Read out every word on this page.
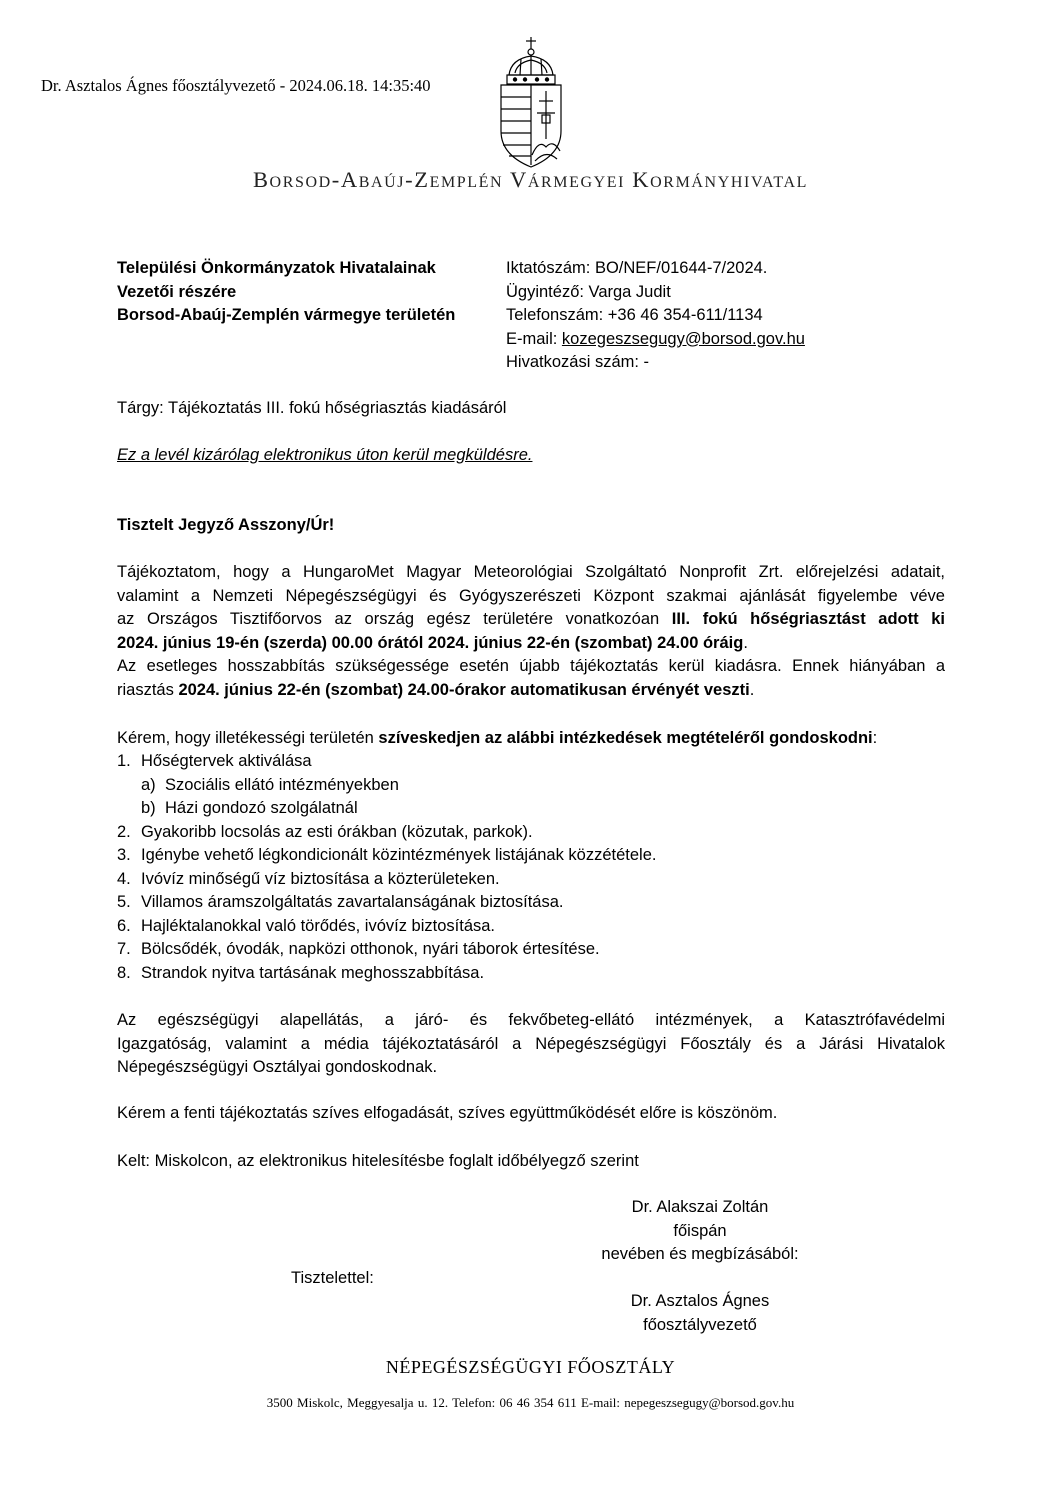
Dr. Asztalos Ágnes főosztályvezető - 2024.06.18. 14:35:40
Borsod-Abaúj-Zemplén Vármegyei Kormányhivatal
Települési Önkormányzatok Hivatalainak
Vezetői részére
Borsod-Abaúj-Zemplén vármegye területén
Iktatószám: BO/NEF/01644-7/2024.
Ügyintéző: Varga Judit
Telefonszám: +36 46 354-611/1134
E-mail: kozegeszsegugy@borsod.gov.hu
Hivatkozási szám: -
Tárgy: Tájékoztatás III. fokú hőségriasztás kiadásáról
Ez a levél kizárólag elektronikus úton kerül megküldésre.
Tisztelt Jegyző Asszony/Úr!
Tájékoztatom, hogy a HungaroMet Magyar Meteorológiai Szolgáltató Nonprofit Zrt. előrejelzési adatait,
valamint a Nemzeti Népegészségügyi és Gyógyszerészeti Központ szakmai ajánlását figyelembe véve
az Országos Tisztifőorvos az ország egész területére vonatkozóan III. fokú hőségriasztást adott ki
2024. június 19-én (szerda) 00.00 órától 2024. június 22-én (szombat) 24.00 óráig.
Az esetleges hosszabbítás szükségessége esetén újabb tájékoztatás kerül kiadásra. Ennek hiányában a
riasztás 2024. június 22-én (szombat) 24.00-órakor automatikusan érvényét veszti.
Kérem, hogy illetékességi területén szíveskedjen az alábbi intézkedések megtételéről gondoskodni:
1. Hőségtervek aktiválása
a) Szociális ellátó intézményekben
b) Házi gondozó szolgálatnál
2. Gyakoribb locsolás az esti órákban (közutak, parkok).
3. Igénybe vehető légkondicionált közintézmények listájának közzététele.
4. Ivóvíz minőségű víz biztosítása a közterületeken.
5. Villamos áramszolgáltatás zavartalanságának biztosítása.
6. Hajléktalanokkal való törődés, ivóvíz biztosítása.
7. Bölcsődék, óvodák, napközi otthonok, nyári táborok értesítése.
8. Strandok nyitva tartásának meghosszabbítása.
Az egészségügyi alapellátás, a járó- és fekvőbeteg-ellátó intézmények, a Katasztrófavédelmi
Igazgatóság, valamint a média tájékoztatásáról a Népegészségügyi Főosztály és a Járási Hivatalok
Népegészségügyi Osztályai gondoskodnak.
Kérem a fenti tájékoztatás szíves elfogadását, szíves együttműködését előre is köszönöm.
Kelt: Miskolcon, az elektronikus hitelesítésbe foglalt időbélyegző szerint
Dr. Alakszai Zoltán
főispán
nevében és megbízásából:
Dr. Asztalos Ágnes
főosztályvezető
Tisztelettel:
NÉPEGÉSZSÉGÜGYI FŐOSZTÁLY
3500 Miskolc, Meggyesalja u. 12. Telefon: 06 46 354 611 E-mail: nepegeszsegugy@borsod.gov.hu
